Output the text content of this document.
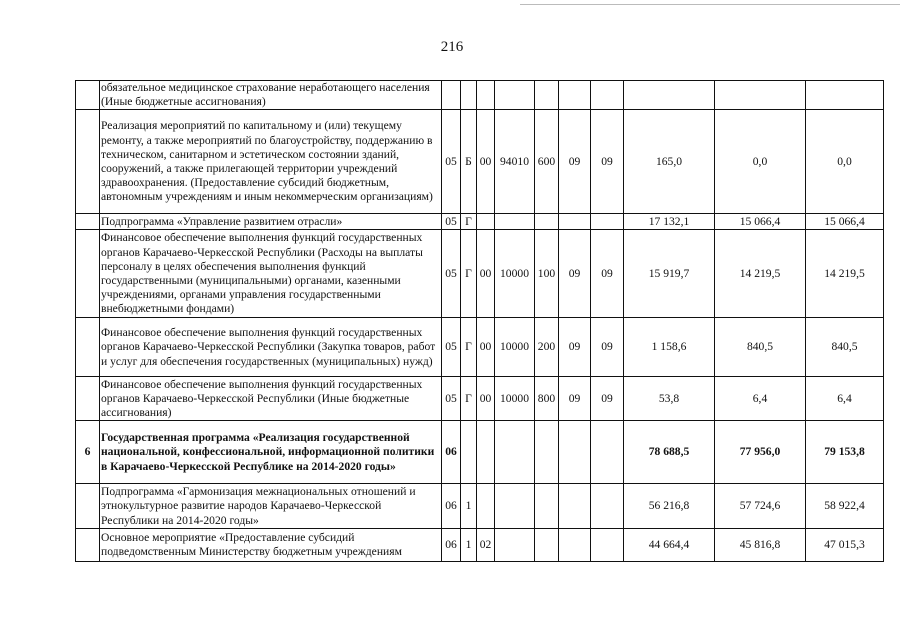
216
	обязательное медицинское страхование неработающего населения (Иные бюджетные ассигнования)										
	Реализация мероприятий по капитальному и (или) текущему ремонту, а также мероприятий по благоустройству, поддержанию в техническом, санитарном и эстетическом состоянии зданий, сооружений, а также прилегающей территории учреждений здравоохранения. (Предоставление субсидий бюджетным, автономным учреждениям и иным некоммерческим организациям)	05	Б	00	94010	600	09	09	165,0	0,0	0,0
	Подпрограмма «Управление развитием отрасли»	05	Г						17 132,1	15 066,4	15 066,4
	Финансовое обеспечение выполнения функций государственных органов Карачаево-Черкесской Республики (Расходы на выплаты персоналу в целях обеспечения выполнения функций государственными (муниципальными) органами, казенными учреждениями, органами управления государственными внебюджетными фондами)	05	Г	00	10000	100	09	09	15 919,7	14 219,5	14 219,5
	Финансовое обеспечение выполнения функций государственных органов Карачаево-Черкесской Республики (Закупка товаров, работ и услуг для обеспечения государственных (муниципальных) нужд)	05	Г	00	10000	200	09	09	1 158,6	840,5	840,5
	Финансовое обеспечение выполнения функций государственных органов Карачаево-Черкесской Республики (Иные бюджетные ассигнования)	05	Г	00	10000	800	09	09	53,8	6,4	6,4
6	Государственная программа «Реализация государственной национальной, конфессиональной, информационной политики в Карачаево-Черкесской Республике на 2014-2020 годы»	06							78 688,5	77 956,0	79 153,8
	Подпрограмма «Гармонизация межнациональных отношений и этнокультурное развитие народов Карачаево-Черкесской Республики на 2014-2020 годы»	06	1						56 216,8	57 724,6	58 922,4
	Основное мероприятие «Предоставление субсидий подведомственным Министерству бюджетным учреждениям	06	1	02					44 664,4	45 816,8	47 015,3
